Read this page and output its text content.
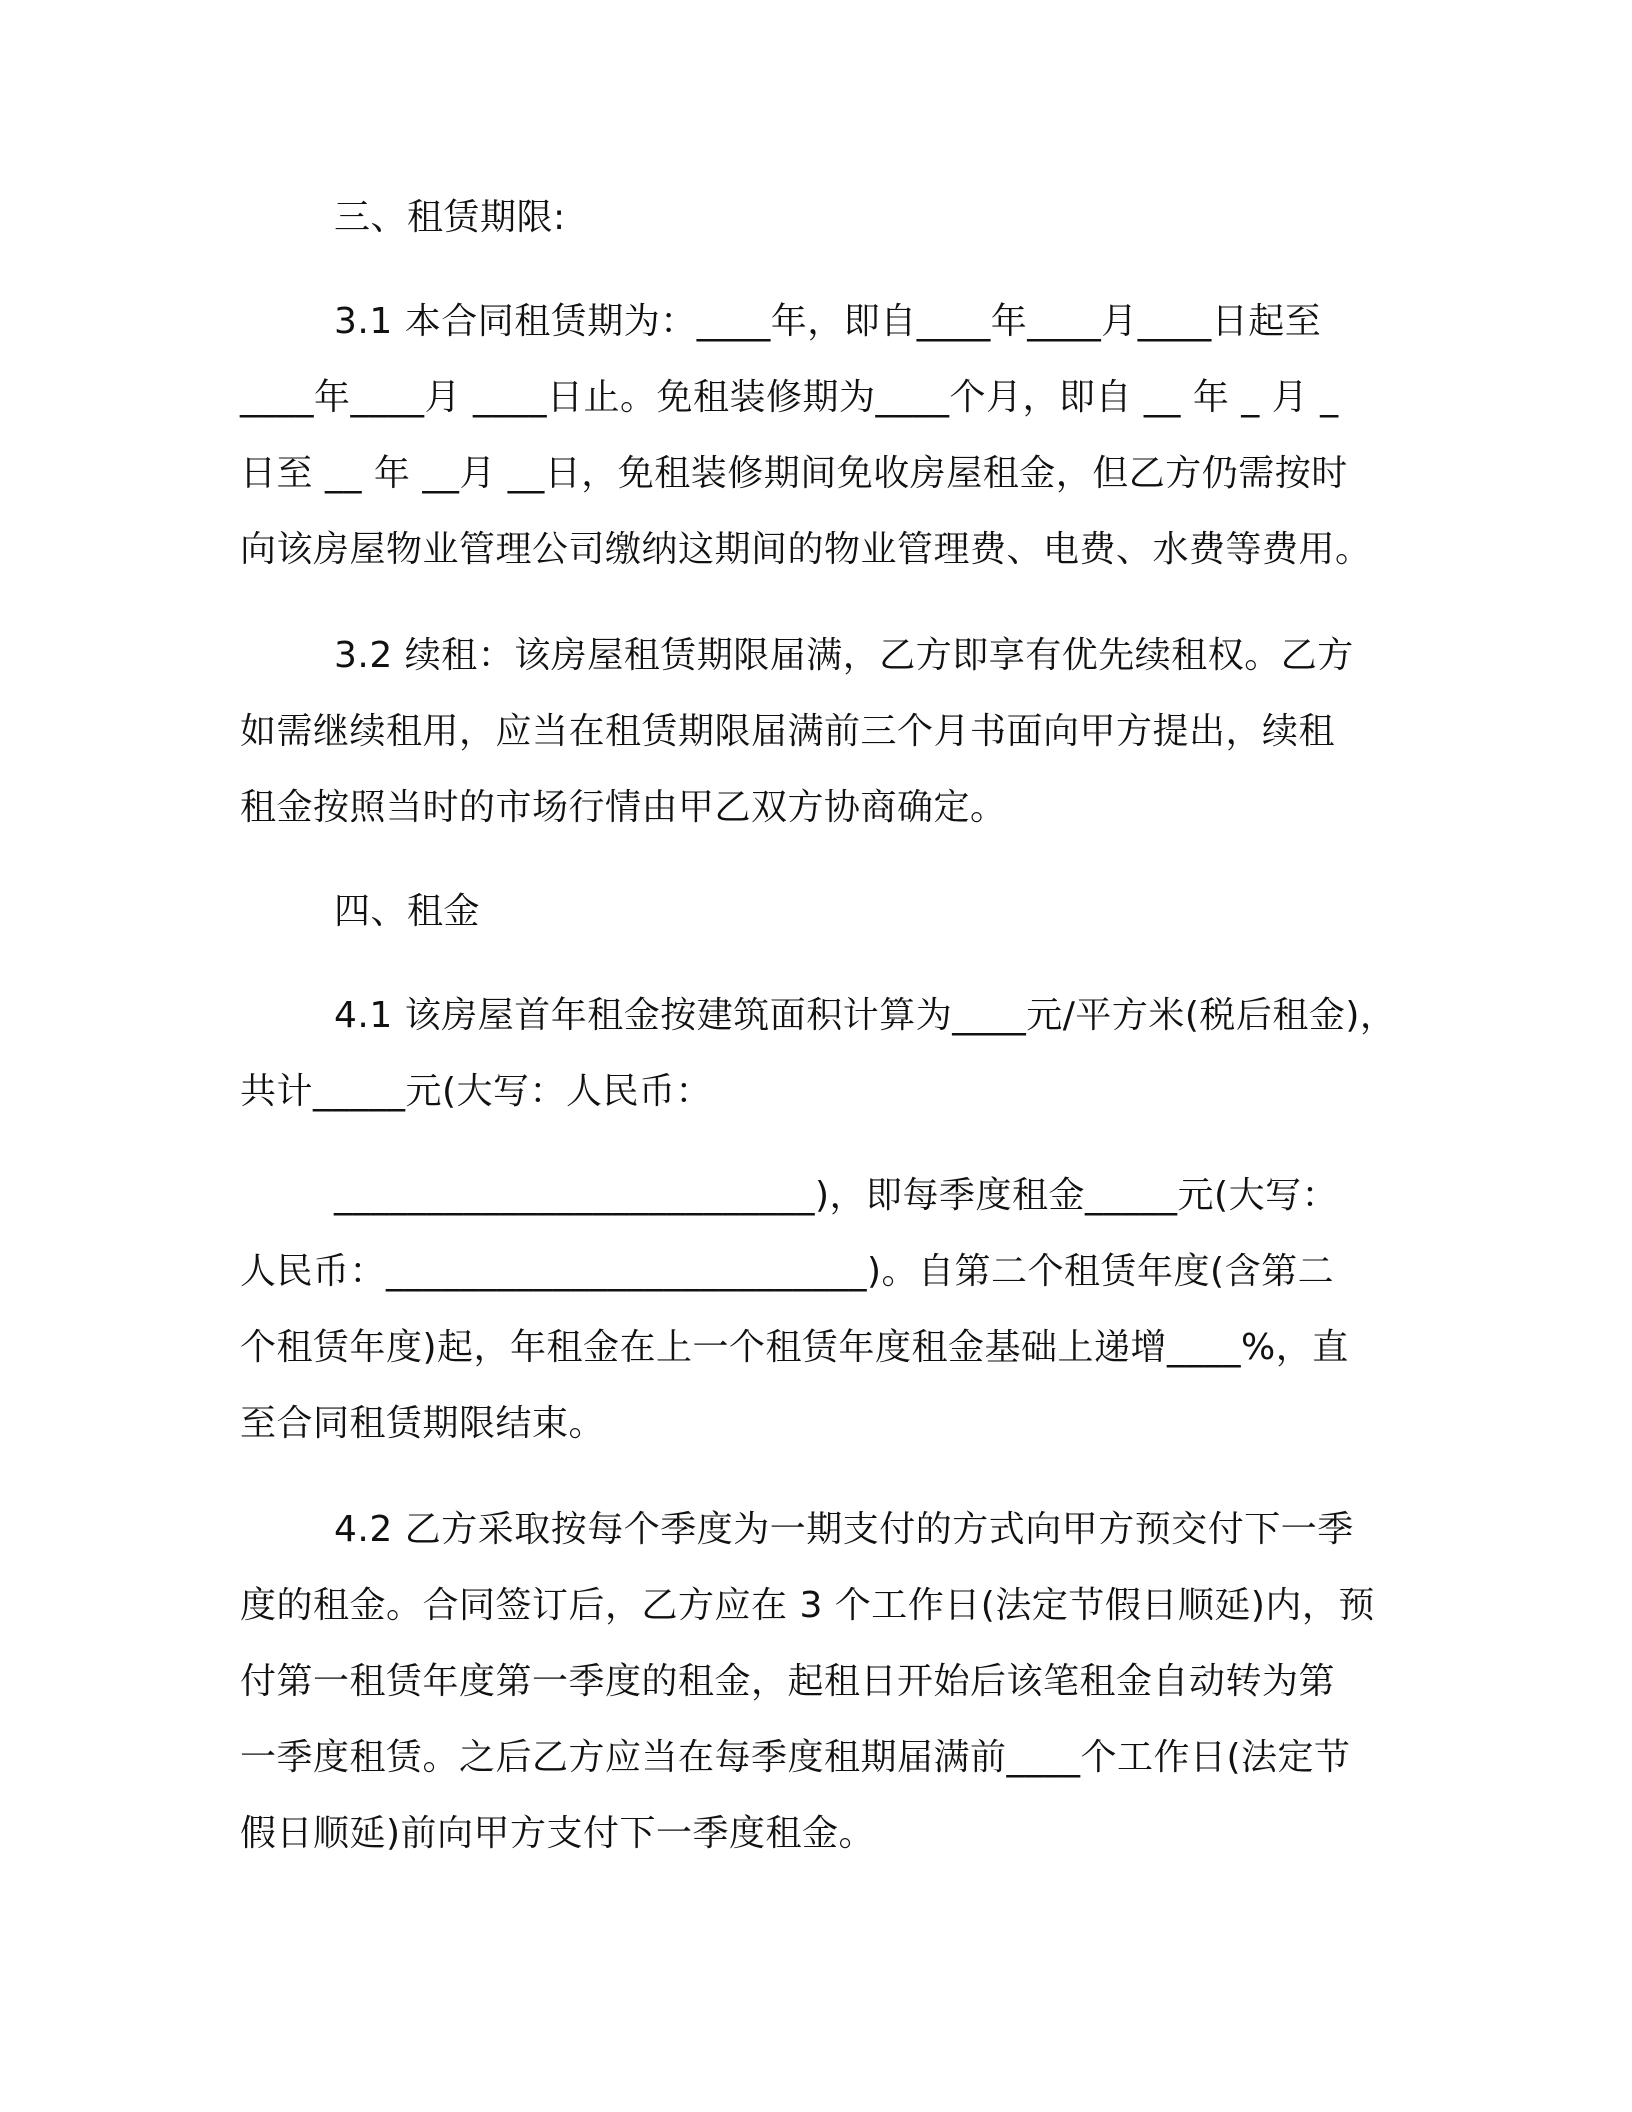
三、租赁期限:
3.1 本合同租赁期为：____年，即自____年____月____日起至
____年____月 ____日止。免租装修期为____个月，即自 __ 年 _ 月 _
日至 __ 年 __月 __日，免租装修期间免收房屋租金，但乙方仍需按时
向该房屋物业管理公司缴纳这期间的物业管理费、电费、水费等费用。
3.2 续租：该房屋租赁期限届满，乙方即享有优先续租权。乙方
如需继续租用，应当在租赁期限届满前三个月书面向甲方提出，续租
租金按照当时的市场行情由甲乙双方协商确定。
四、租金
4.1 该房屋首年租金按建筑面积计算为____元/平方米(税后租金)，
共计_____元(大写：人民币：
__________________________)，即每季度租金_____元(大写：
人民币：__________________________)。自第二个租赁年度(含第二
个租赁年度)起，年租金在上一个租赁年度租金基础上递增____%，直
至合同租赁期限结束。
4.2 乙方采取按每个季度为一期支付的方式向甲方预交付下一季
度的租金。合同签订后，乙方应在 3 个工作日(法定节假日顺延)内，预
付第一租赁年度第一季度的租金，起租日开始后该笔租金自动转为第
一季度租赁。之后乙方应当在每季度租期届满前____个工作日(法定节
假日顺延)前向甲方支付下一季度租金。
